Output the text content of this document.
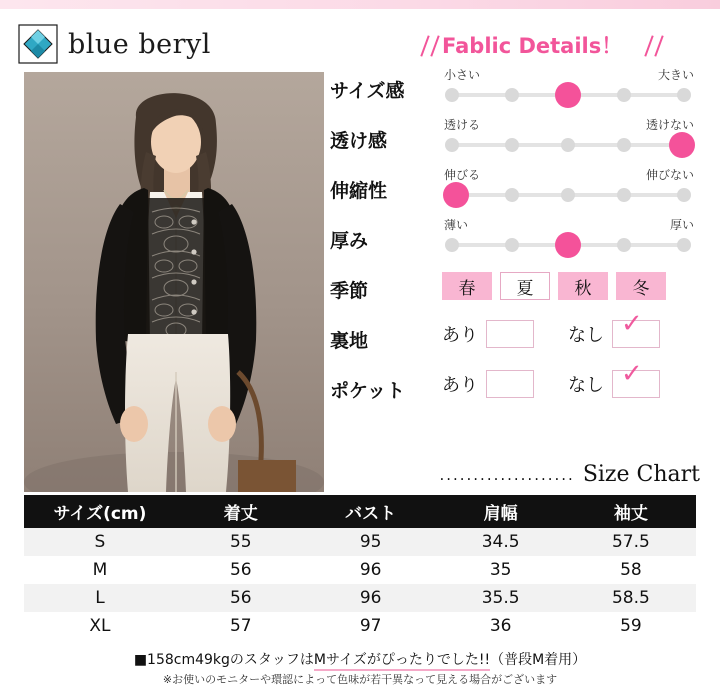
blue beryl	Fablic Details！
サイズ感
小さい	大きい
透け感
透ける	透けない
伸縮性
伸びる	伸びない
厚み
薄い	厚い
季節	春	夏	秋	冬
裏地	あり	なし ✓
ポケット	あり	なし ✓
.................... Size Chart
サイズ(cm)	着丈	バスト	肩幅	袖丈
S	55	95	34.5	57.5
M	56	96	35	58
L	56	96	35.5	58.5
XL	57	97	36	59
■158cm49kgのスタッフはMサイズがぴったりでした!!（普段M着用）
※お使いのモニターや環認によって色味が若干異なって見える場合がございます
